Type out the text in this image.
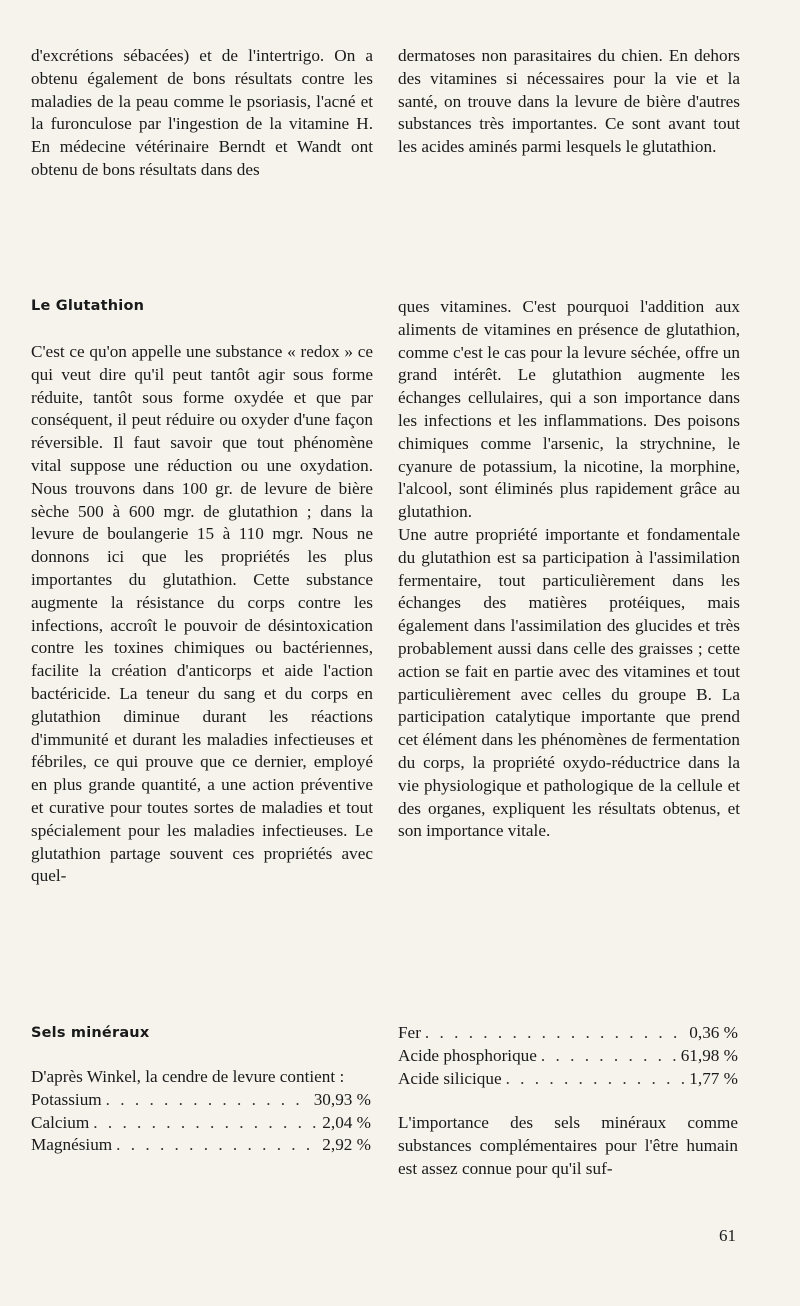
d'excrétions sébacées) et de l'intertrigo. On a obtenu également de bons résultats contre les maladies de la peau comme le psoriasis, l'acné et la furonculose par l'ingestion de la vitamine H. En médecine vétérinaire Berndt et Wandt ont obtenu de bons résultats dans des

dermatoses non parasitaires du chien. En dehors des vitamines si nécessaires pour la vie et la santé, on trouve dans la levure de bière d'autres substances très importantes. Ce sont avant tout les acides aminés parmi lesquels le glutathion.

Le Glutathion

C'est ce qu'on appelle une substance « redox » ce qui veut dire qu'il peut tantôt agir sous forme réduite, tantôt sous forme oxydée et que par conséquent, il peut réduire ou oxyder d'une façon réversible. Il faut savoir que tout phénomène vital suppose une réduction ou une oxydation. Nous trouvons dans 100 gr. de levure de bière sèche 500 à 600 mgr. de glutathion ; dans la levure de boulangerie 15 à 110 mgr. Nous ne donnons ici que les propriétés les plus importantes du glutathion. Cette substance augmente la résistance du corps contre les infections, accroît le pouvoir de désintoxication contre les toxines chimiques ou bactériennes, facilite la création d'anticorps et aide l'action bactéricide. La teneur du sang et du corps en glutathion diminue durant les réactions d'immunité et durant les maladies infectieuses et fébriles, ce qui prouve que ce dernier, employé en plus grande quantité, a une action préventive et curative pour toutes sortes de maladies et tout spécialement pour les maladies infectieuses. Le glutathion partage souvent ces propriétés avec quel-

ques vitamines. C'est pourquoi l'addition aux aliments de vitamines en présence de glutathion, comme c'est le cas pour la levure séchée, offre un grand intérêt. Le glutathion augmente les échanges cellulaires, qui a son importance dans les infections et les inflammations. Des poisons chimiques comme l'arsenic, la strychnine, le cyanure de potassium, la nicotine, la morphine, l'alcool, sont éliminés plus rapidement grâce au glutathion.

Une autre propriété importante et fondamentale du glutathion est sa participation à l'assimilation fermentaire, tout particulièrement dans les échanges des matières protéiques, mais également dans l'assimilation des glucides et très probablement aussi dans celle des graisses ; cette action se fait en partie avec des vitamines et tout particulièrement avec celles du groupe B. La participation catalytique importante que prend cet élément dans les phénomènes de fermentation du corps, la propriété oxydo-réductrice dans la vie physiologique et pathologique de la cellule et des organes, expliquent les résultats obtenus, et son importance vitale.

Sels minéraux

D'après Winkel, la cendre de levure contient :

Potassium . . .	30,93 %
Calcium . . .	2,04 %
Magnésium . . .	2,92 %
Fer . . .	0,36 %
Acide phosphorique . . .	61,98 %
Acide silicique . . .	1,77 %

L'importance des sels minéraux comme substances complémentaires pour l'être humain est assez connue pour qu'il suf-

61
